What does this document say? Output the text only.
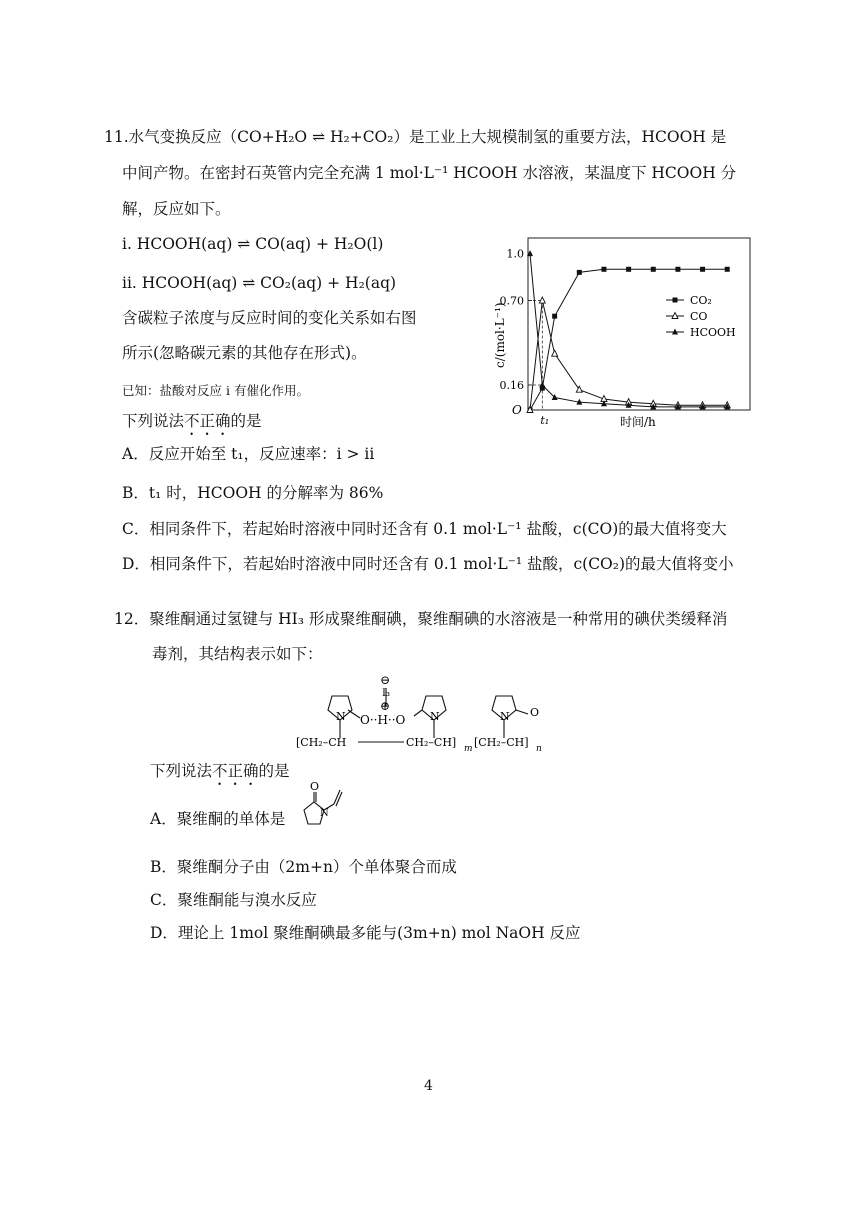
11.水气变换反应（CO+H₂O ⇌ H₂+CO₂）是工业上大规模制氢的重要方法，HCOOH 是
中间产物。在密封石英管内完全充满 1 mol·L⁻¹ HCOOH 水溶液，某温度下 HCOOH 分
解，反应如下。
i. HCOOH(aq) ⇌ CO(aq) + H₂O(l)
ii. HCOOH(aq) ⇌ CO₂(aq) + H₂(aq)
含碳粒子浓度与反应时间的变化关系如右图
所示(忽略碳元素的其他存在形式)。
已知：盐酸对反应 i 有催化作用。
下列说法不正确的是
A．反应开始至 t₁，反应速率：i > ii
B．t₁ 时，HCOOH 的分解率为 86%
C．相同条件下，若起始时溶液中同时还含有 0.1 mol·L⁻¹ 盐酸，c(CO)的最大值将变大
D．相同条件下，若起始时溶液中同时还含有 0.1 mol·L⁻¹ 盐酸，c(CO₂)的最大值将变小
1.0
0.70
0.16
t₁
CO₂
CO
HCOOH
c/(mol·L⁻¹)
时间/h
O
12．聚维酮通过氢键与 HI₃ 形成聚维酮碘，聚维酮碘的水溶液是一种常用的碘伏类缓释消
毒剂，其结构表示如下：
⊖
I₃
⊕
O··H··O
N	N	N O
[CH₂–CH	CH₂–CH] m [CH₂–CH] n
下列说法不正确的是
A．聚维酮的单体是
O
N
B．聚维酮分子由（2m+n）个单体聚合而成
C．聚维酮能与溴水反应
D．理论上 1mol 聚维酮碘最多能与(3m+n) mol NaOH 反应
4
